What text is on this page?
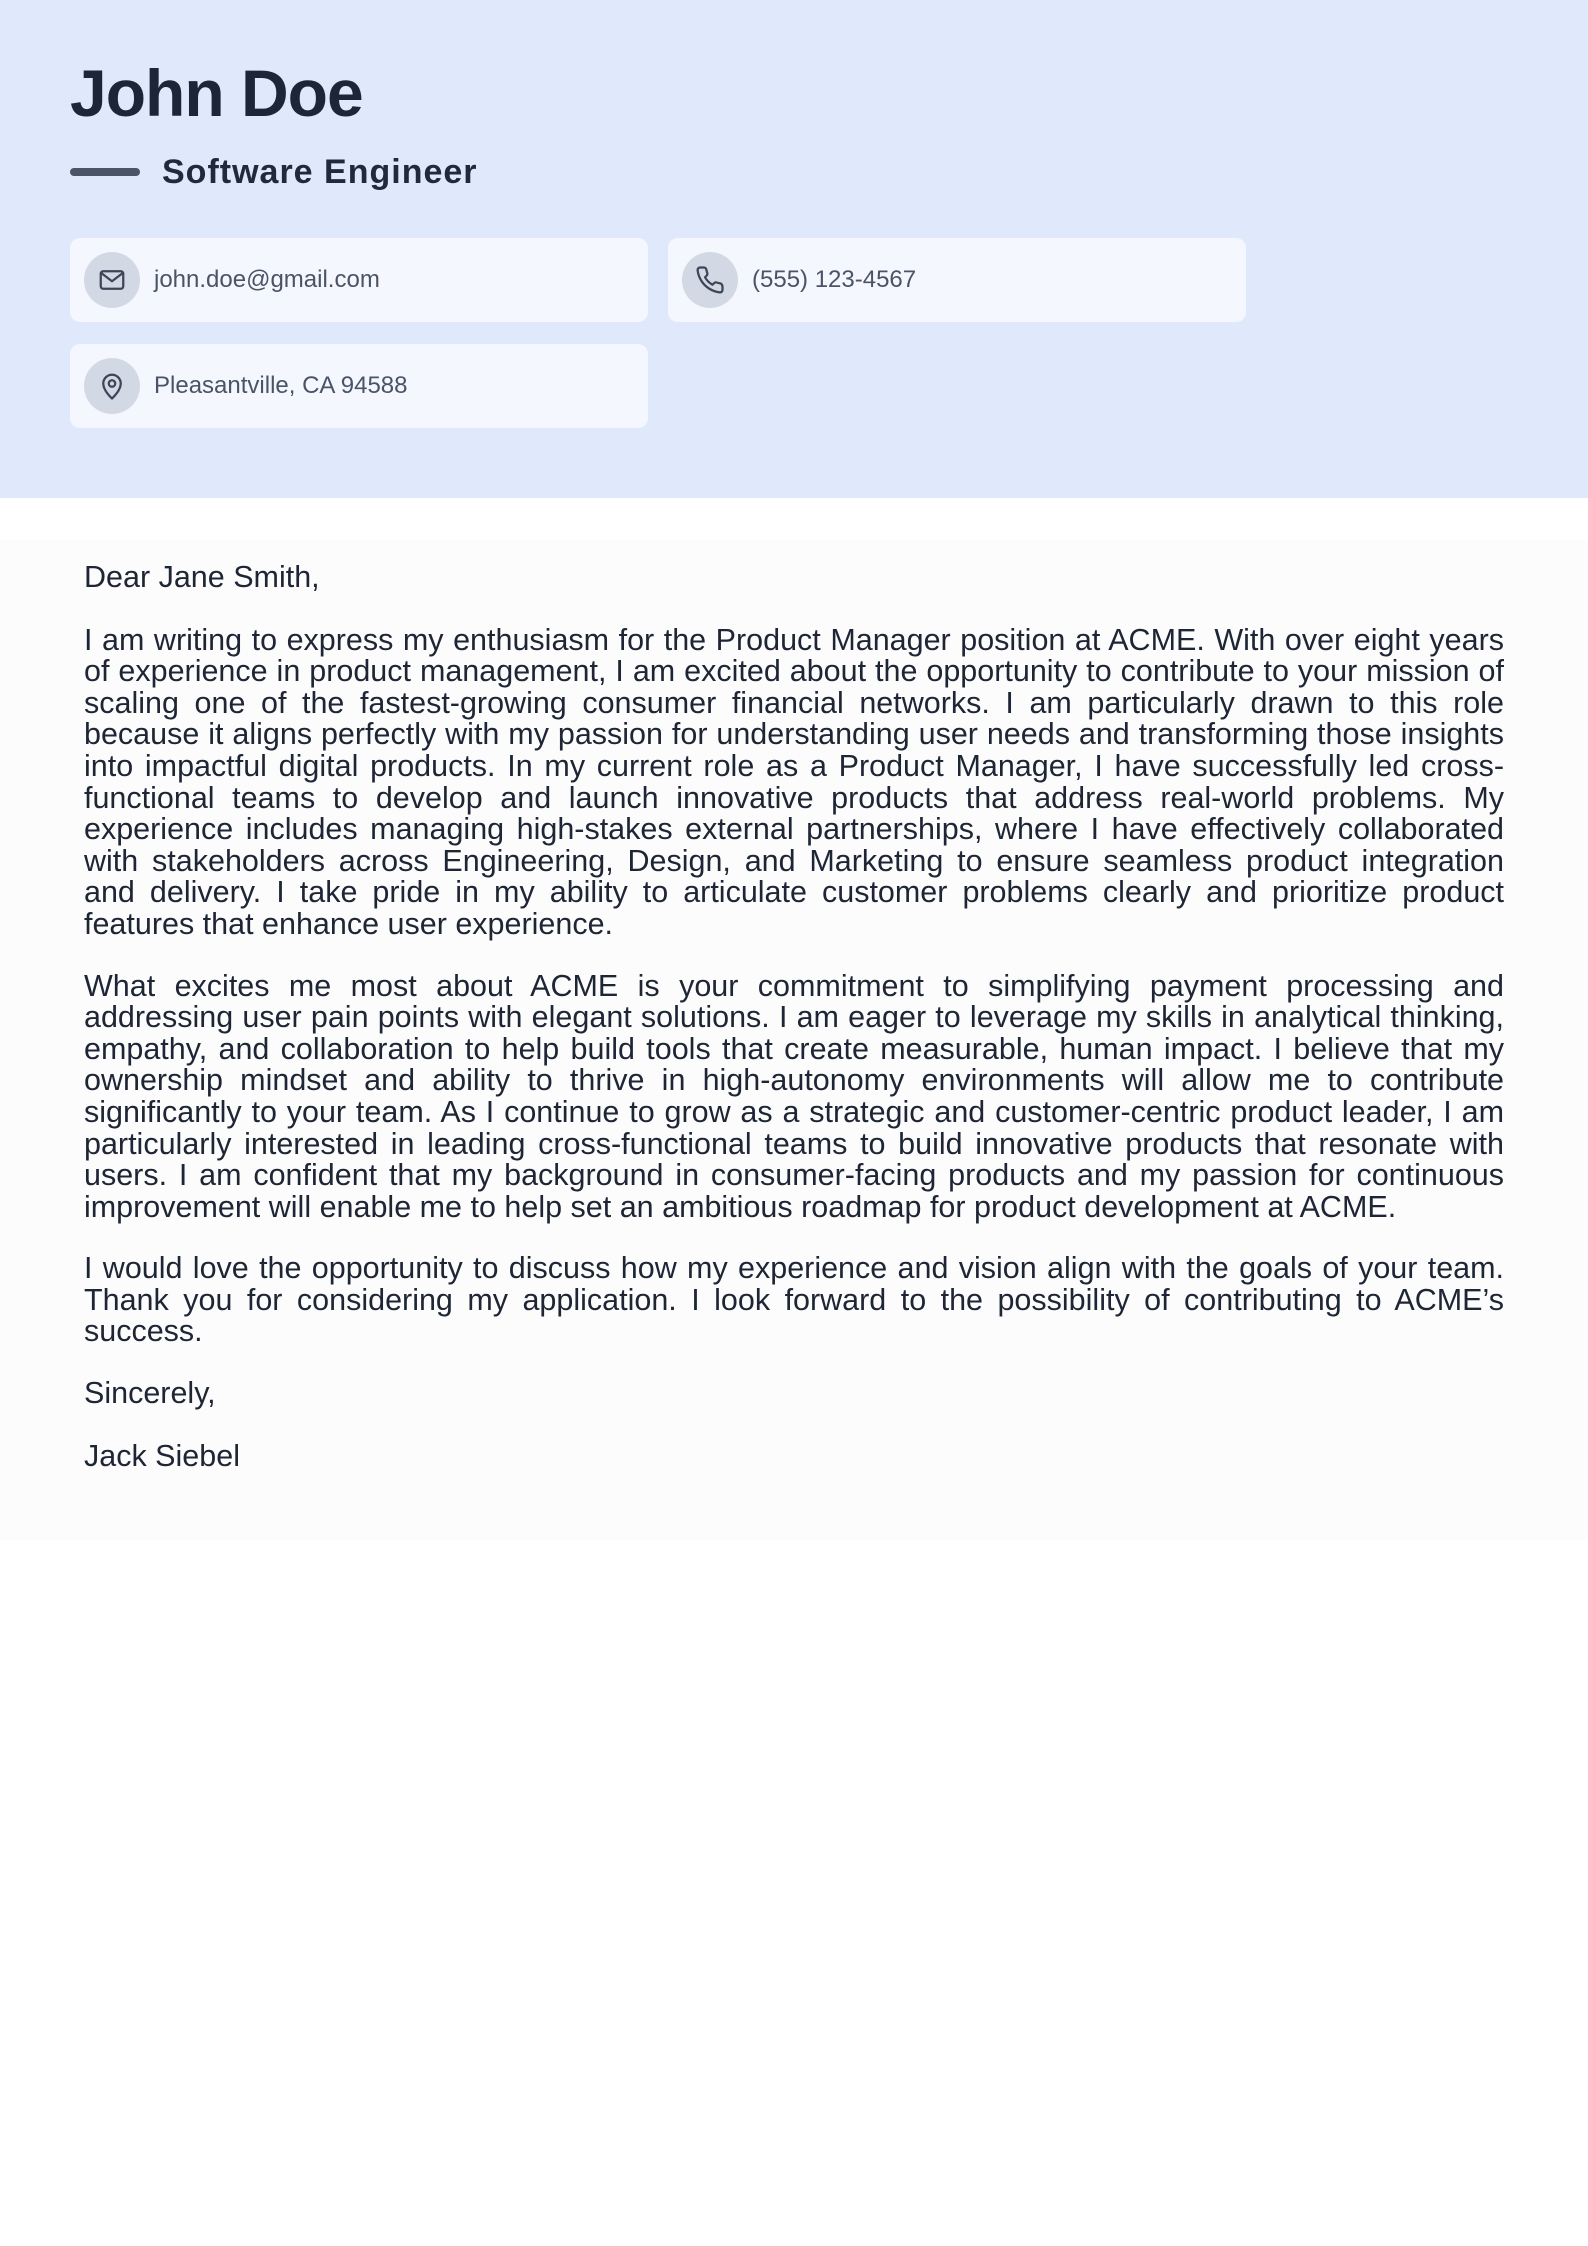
John Doe
Software Engineer
john.doe@gmail.com	(555) 123-4567
Pleasantville, CA 94588

Dear Jane Smith,

I am writing to express my enthusiasm for the Product Manager position at ACME. With over eight years of experience in product management, I am excited about the opportunity to contribute to your mission of scaling one of the fastest-growing consumer financial networks. I am particularly drawn to this role because it aligns perfectly with my passion for understanding user needs and transforming those insights into impactful digital products. In my current role as a Product Manager, I have successfully led cross-functional teams to develop and launch innovative products that address real-world problems. My experience includes managing high-stakes external partnerships, where I have effectively collaborated with stakeholders across Engineering, Design, and Marketing to ensure seamless product integration and delivery. I take pride in my ability to articulate customer problems clearly and prioritize product features that enhance user experience.

What excites me most about ACME is your commitment to simplifying payment processing and addressing user pain points with elegant solutions. I am eager to leverage my skills in analytical thinking, empathy, and collaboration to help build tools that create measurable, human impact. I believe that my ownership mindset and ability to thrive in high-autonomy environments will allow me to contribute significantly to your team. As I continue to grow as a strategic and customer-centric product leader, I am particularly interested in leading cross-functional teams to build innovative products that resonate with users. I am confident that my background in consumer-facing products and my passion for continuous improvement will enable me to help set an ambitious roadmap for product development at ACME.

I would love the opportunity to discuss how my experience and vision align with the goals of your team. Thank you for considering my application. I look forward to the possibility of contributing to ACME’s success.

Sincerely,

Jack Siebel
